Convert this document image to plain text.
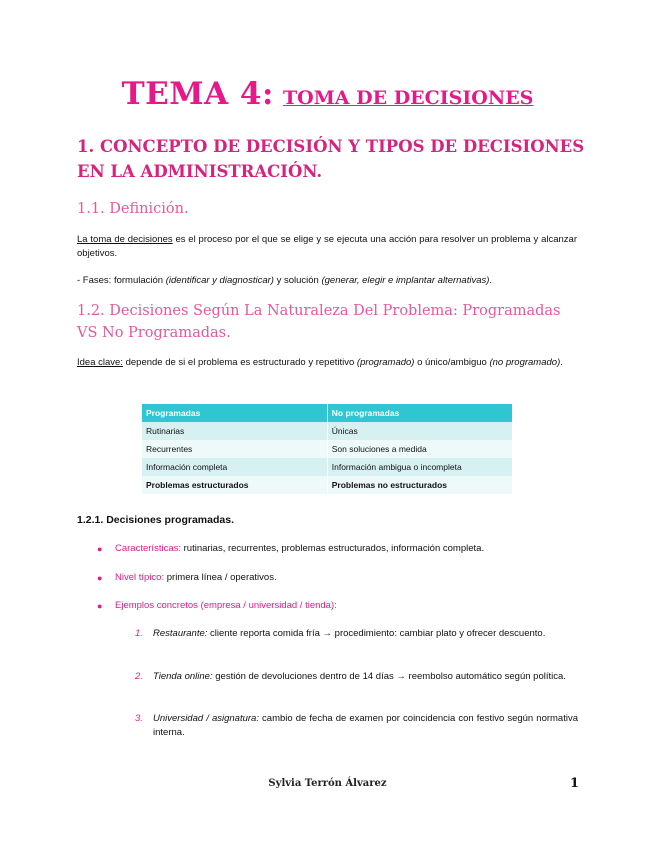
TEMA 4: TOMA DE DECISIONES
1. CONCEPTO DE DECISIÓN Y TIPOS DE DECISIONES EN LA ADMINISTRACIÓN.
1.1. Definición.
La toma de decisiones es el proceso por el que se elige y se ejecuta una acción para resolver un problema y alcanzar objetivos.
- Fases: formulación (identificar y diagnosticar) y solución (generar, elegir e implantar alternativas).
1.2. Decisiones Según La Naturaleza Del Problema: Programadas VS No Programadas.
Idea clave: depende de si el problema es estructurado y repetitivo (programado) o único/ambiguo (no programado).
Programadas	No programadas
Rutinarias	Únicas
Recurrentes	Son soluciones a medida
Información completa	Información ambigua o incompleta
Problemas estructurados	Problemas no estructurados
1.2.1. Decisiones programadas.
● Características: rutinarias, recurrentes, problemas estructurados, información completa.
● Nivel típico: primera línea / operativos.
● Ejemplos concretos (empresa / universidad / tienda):
1. Restaurante: cliente reporta comida fría → procedimiento: cambiar plato y ofrecer descuento.
2. Tienda online: gestión de devoluciones dentro de 14 días → reembolso automático según política.
3. Universidad / asignatura: cambio de fecha de examen por coincidencia con festivo según normativa interna.
Sylvia Terrón Álvarez	1
